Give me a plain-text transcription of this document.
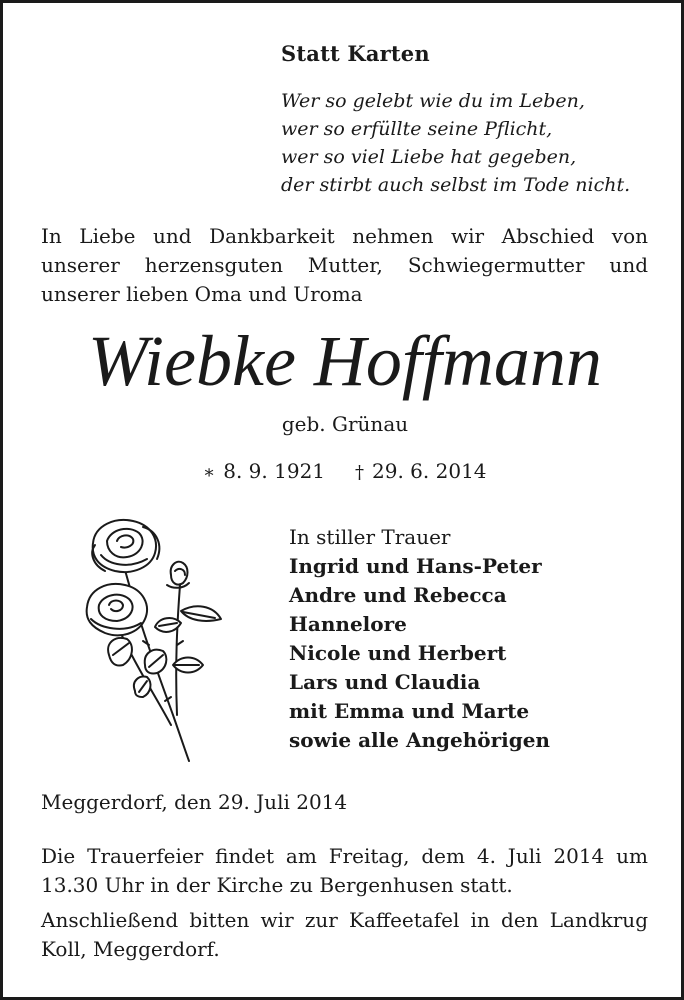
Statt Karten
Wer so gelebt wie du im Leben,
wer so erfüllte seine Pflicht,
wer so viel Liebe hat gegeben,
der stirbt auch selbst im Tode nicht.
In Liebe und Dankbarkeit nehmen wir Abschied von unserer herzensguten Mutter, Schwiegermutter und unserer lieben Oma und Uroma
Wiebke Hoffmann
geb. Grünau
∗ 8. 9. 1921 † 29. 6. 2014
In stiller Trauer
Ingrid und Hans-Peter
Andre und Rebecca
Hannelore
Nicole und Herbert
Lars und Claudia
mit Emma und Marte
sowie alle Angehörigen
Meggerdorf, den 29. Juli 2014
Die Trauerfeier findet am Freitag, dem 4. Juli 2014 um 13.30 Uhr in der Kirche zu Bergenhusen statt.
Anschließend bitten wir zur Kaffeetafel in den Landkrug Koll, Meggerdorf.
